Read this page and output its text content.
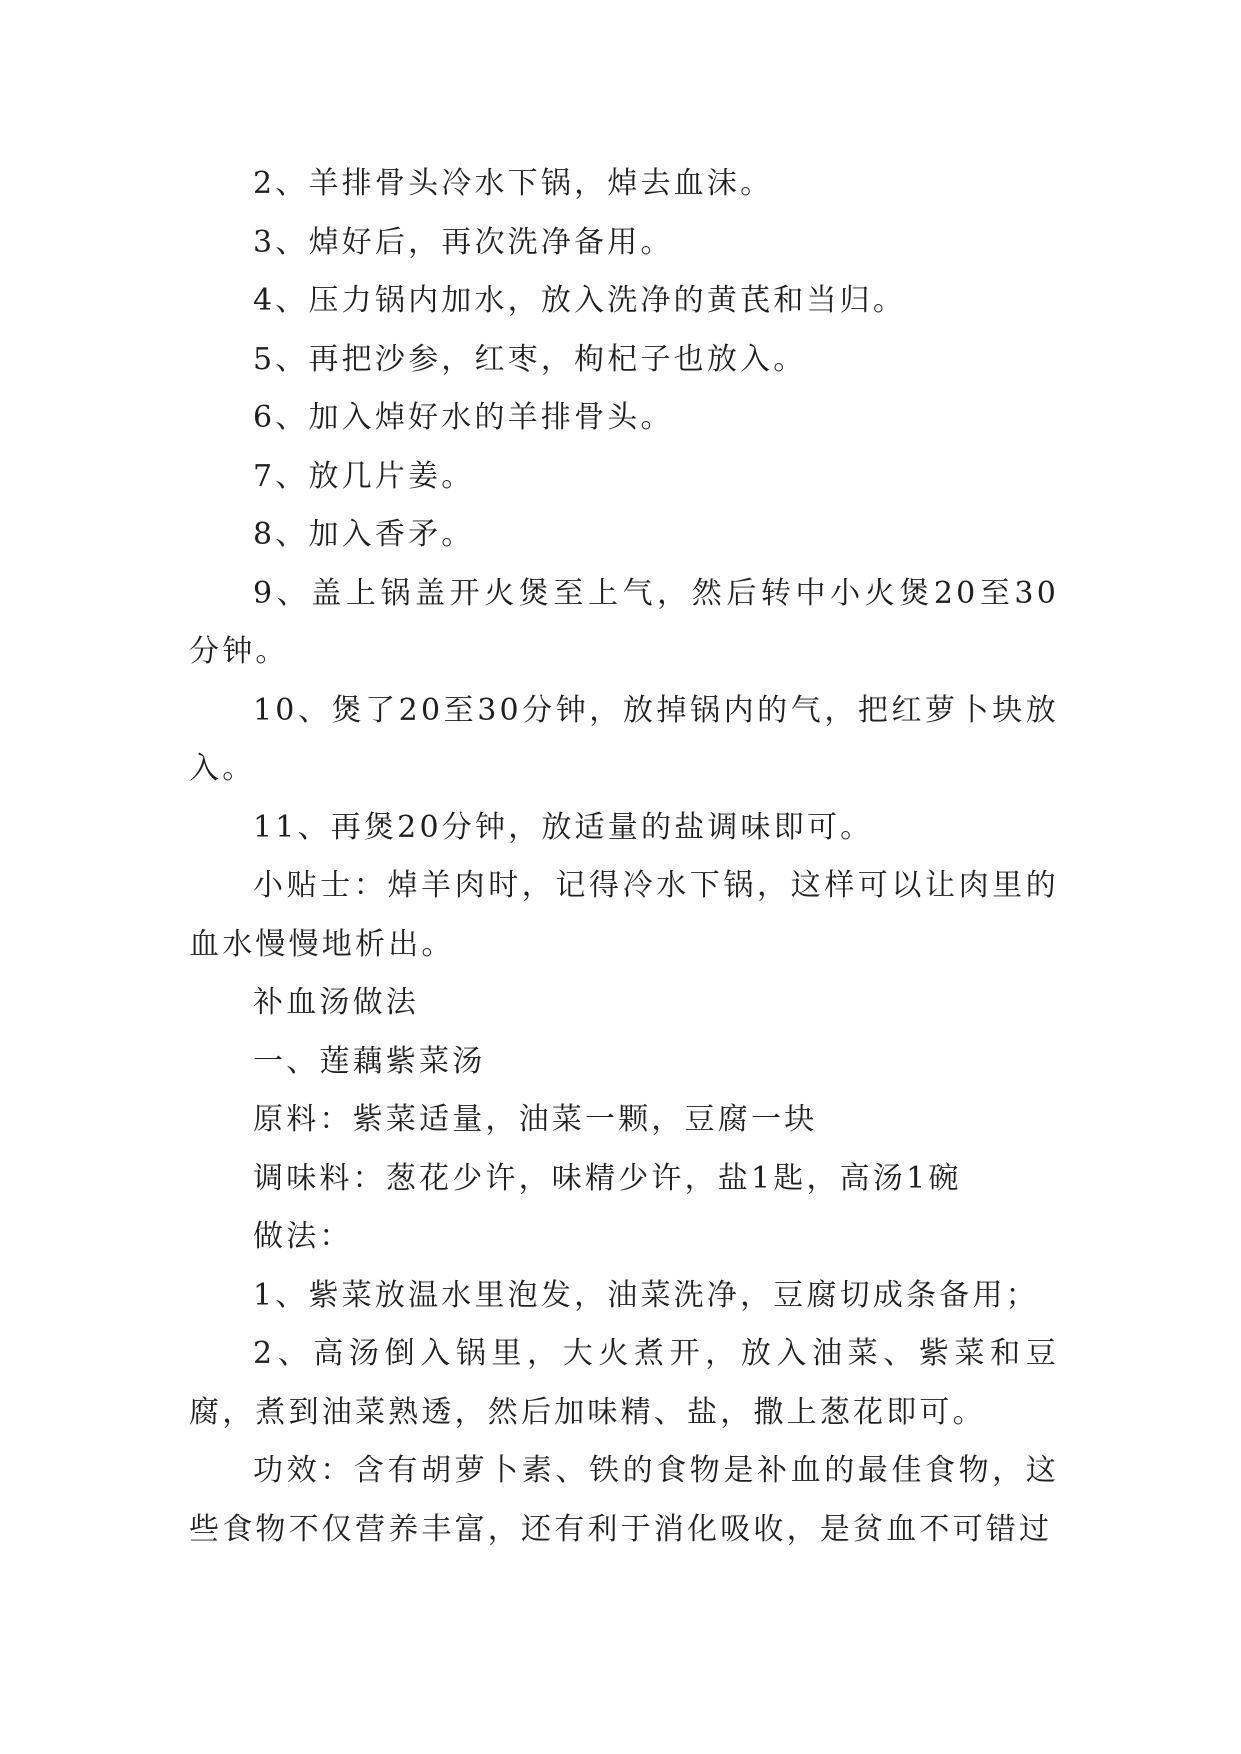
2、羊排骨头冷水下锅，焯去血沫。

3、焯好后，再次洗净备用。

4、压力锅内加水，放入洗净的黄芪和当归。

5、再把沙参，红枣，枸杞子也放入。

6、加入焯好水的羊排骨头。

7、放几片姜。

8、加入香矛。

9、盖上锅盖开火煲至上气，然后转中小火煲20至30分钟。

10、煲了20至30分钟，放掉锅内的气，把红萝卜块放入。

11、再煲20分钟，放适量的盐调味即可。

小贴士：焯羊肉时，记得冷水下锅，这样可以让肉里的血水慢慢地析出。

补血汤做法

一、莲藕紫菜汤

原料：紫菜适量，油菜一颗，豆腐一块

调味料：葱花少许，味精少许，盐1匙，高汤1碗

做法：

1、紫菜放温水里泡发，油菜洗净，豆腐切成条备用；

2、高汤倒入锅里，大火煮开，放入油菜、紫菜和豆腐，煮到油菜熟透，然后加味精、盐，撒上葱花即可。

功效：含有胡萝卜素、铁的食物是补血的最佳食物，这些食物不仅营养丰富，还有利于消化吸收，是贫血不可错过
